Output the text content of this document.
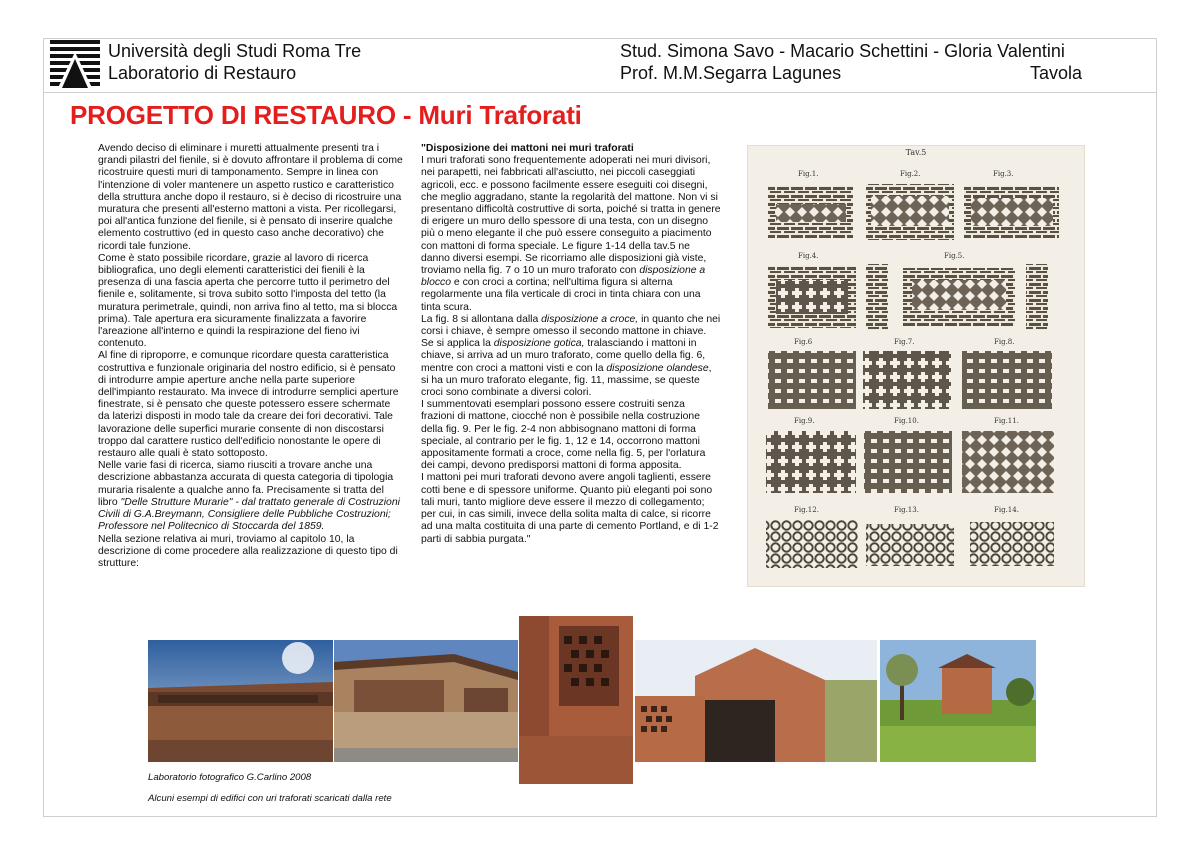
Università degli Studi Roma Tre
Laboratorio di Restauro
Stud. Simona Savo - Macario Schettini - Gloria Valentini
Prof. M.M.Segarra Lagunes	Tavola
PROGETTO DI RESTAURO - Muri Traforati

Avendo deciso di eliminare i muretti attualmente presenti tra i grandi pilastri del fienile, si è dovuto affrontare il problema di come ricostruire questi muri di tamponamento. Sempre in linea con l'intenzione di voler mantenere un aspetto rustico e caratteristico della struttura anche dopo il restauro, si è deciso di ricostruire una muratura che presenti all'esterno mattoni a vista. Per ricollegarsi, poi all'antica funzione del fienile, si è pensato di inserire qualche elemento costruttivo (ed in questo caso anche decorativo) che ricordi tale funzione.

Come è stato possibile ricordare, grazie al lavoro di ricerca bibliografica, uno degli elementi caratteristici dei fienili è la presenza di una fascia aperta che percorre tutto il perimetro del fienile e, solitamente, si trova subito sotto l'imposta del tetto (la muratura perimetrale, quindi, non arriva fino al tetto, ma si blocca prima). Tale apertura era sicuramente finalizzata a favorire l'areazione all'interno e quindi la respirazione del fieno ivi contenuto.

Al fine di riproporre, e comunque ricordare questa caratteristica costruttiva e funzionale originaria del nostro edificio, si è pensato di introdurre ampie aperture anche nella parte superiore dell'impianto restaurato. Ma invece di introdurre semplici aperture finestrate, si è pensato che queste potessero essere schermate da laterizi disposti in modo tale da creare dei fori decorativi. Tale lavorazione delle superfici murarie consente di non discostarsi troppo dal carattere rustico dell'edificio nonostante le opere di restauro alle quali è stato sottoposto.

Nelle varie fasi di ricerca, siamo riusciti a trovare anche una descrizione abbastanza accurata di questa categoria di tipologia muraria risalente a qualche anno fa. Precisamente si tratta del libro "Delle Strutture Murarie" - dal trattato generale di Costruzioni Civili di G.A.Breymann, Consigliere delle Pubbliche Costruzioni; Professore nel Politecnico di Stoccarda del 1859.

Nella sezione relativa ai muri, troviamo al capitolo 10, la descrizione di come procedere alla realizzazione di questo tipo di strutture:

"Disposizione dei mattoni nei muri traforati

I muri traforati sono frequentemente adoperati nei muri divisori, nei parapetti, nei fabbricati all'asciutto, nei piccoli caseggiati agricoli, ecc. e possono facilmente essere eseguiti coi disegni, che meglio aggradano, stante la regolarità del mattone. Non vi si presentano difficoltà costruttive di sorta, poiché si tratta in genere di erigere un muro dello spessore di una testa, con un disegno più o meno elegante il che può essere conseguito a piacimento con mattoni di forma speciale. Le figure 1-14 della tav.5 ne danno diversi esempi. Se ricorriamo alle disposizioni già viste, troviamo nella fig. 7 o 10 un muro traforato con disposizione a blocco e con croci a cortina; nell'ultima figura si alterna regolarmente una fila verticale di croci in tinta chiara con una tinta scura.

La fig. 8 si allontana dalla disposizione a croce, in quanto che nei corsi i chiave, è sempre omesso il secondo mattone in chiave.

Se si applica la disposizione gotica, tralasciando i mattoni in chiave, si arriva ad un muro traforato, come quello della fig. 6, mentre con croci a mattoni visti e con la disposizione olandese, si ha un muro traforato elegante, fig. 11, massime, se queste croci sono combinate a diversi colori.

I summentovati esemplari possono essere costruiti senza frazioni di mattone, ciocché non è possibile nella costruzione della fig. 9. Per le fig. 2-4 non abbisognano mattoni di forma speciale, al contrario per le fig. 1, 12 e 14, occorrono mattoni appositamente formati a croce, come nella fig. 5, per l'orlatura dei campi, devono predisporsi mattoni di forma apposita.

I mattoni pei muri traforati devono avere angoli taglienti, essere cotti bene e di spessore uniforme. Quanto più eleganti poi sono tali muri, tanto migliore deve essere il mezzo di collegamento; per cui, in cas simili, invece della solita malta di calce, si ricorre ad una malta costituita di una parte di cemento Portland, e di 1-2 parti di sabbia purgata."

Tav.5
Fig.1.	Fig.2.	Fig.3.
Fig.4.	Fig.5.
Fig.6	Fig.7.	Fig.8.
Fig.9.	Fig.10.	Fig.11.
Fig.12.	Fig.13.	Fig.14.
Laboratorio fotografico G.Carlino 2008
Alcuni esempi di edifici con uri traforati scaricati dalla rete
